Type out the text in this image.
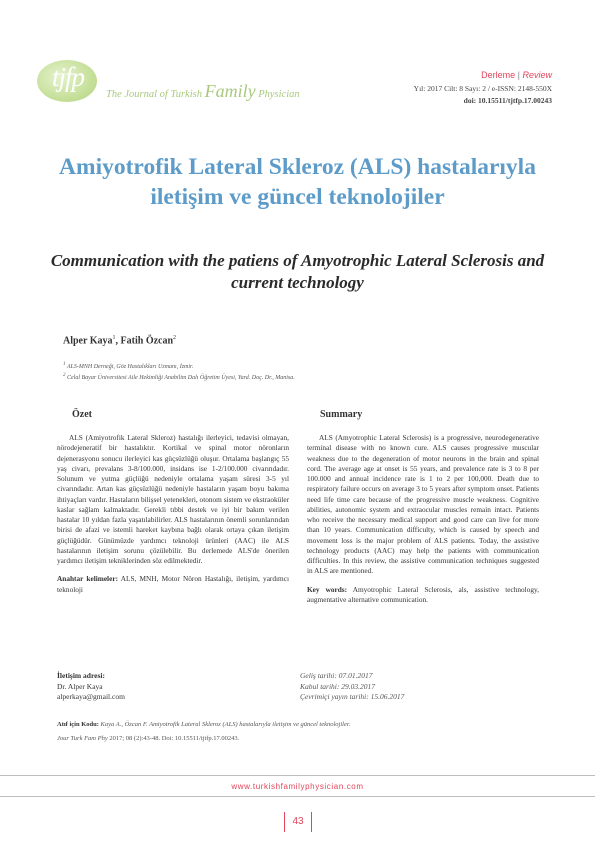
tjfp
The Journal of Turkish Family Physician
Derleme | Review
Yıl: 2017 Cilt: 8 Sayı: 2 / e-ISSN: 2148-550X
doi: 10.15511/tjtfp.17.00243
Amiyotrofik Lateral Skleroz (ALS) hastalarıyla iletişim ve güncel teknolojiler
Communication with the patiens of Amyotrophic Lateral Sclerosis and current technology
Alper Kaya$^1$, Fatih Özcan$^2$
$^1$ ALS-MNH Derneği, Göz Hastalıkları Uzmanı, İzmir.
$^2$ Celal Bayar Üniversitesi Aile Hekimliği Anabilim Dalı Öğretim Üyesi, Yard. Doç. Dr., Manisa.
Özet	Summary

ALS (Amiyotrofik Lateral Skleroz) hastalığı ilerleyici, tedavisi olmayan, nörodejeneratif bir hastalıktır. Kortikal ve spinal motor nöronların dejenerasyonu sonucu ilerleyici kas güçsüzlüğü oluşur. Ortalama başlangıç 55 yaş civarı, prevalans 3-8/100.000, insidans ise 1-2/100.000 civarındadır. Solunum ve yutma güçlüğü nedeniyle ortalama yaşam süresi 3-5 yıl civarındadır. Artan kas güçsüzlüğü nedeniyle hastaların yaşam boyu bakıma ihtiyaçları vardır. Hastaların bilişsel yetenekleri, otonom sistem ve ekstraoküler kaslar sağlam kalmaktadır. Gerekli tıbbi destek ve iyi bir bakım verilen hastalar 10 yıldan fazla yaşatılabilirler. ALS hastalarının önemli sorunlarından birisi de afazi ve istemli hareket kaybına bağlı olarak ortaya çıkan iletişim güçlüğüdür. Günümüzde yardımcı teknoloji ürünleri (AAC) ile ALS hastalarının iletişim sorunu çözülebilir. Bu derlemede ALS'de önerilen yardımcı iletişim tekniklerinden söz edilmektedir.

Anahtar kelimeler: ALS, MNH, Motor Nöron Hastalığı, iletişim, yardımcı teknoloji

ALS (Amyotrophic Lateral Sclerosis) is a progressive, neurodegenerative terminal disease with no known cure. ALS causes progressive muscular weakness due to the degeneration of motor neurons in the brain and spinal cord. The average age at onset is 55 years, and prevalence rate is 3 to 8 per 100.000 and annual incidence rate is 1 to 2 per 100,000. Death due to respiratory failure occurs on average 3 to 5 years after symptom onset. Patients need life time care because of the progressive muscle weakness. Cognitive abilities, autonomic system and extraocular muscles remain intact. Patients who receive the necessary medical support and good care can live for more than 10 years. Communication difficulty, which is caused by speech and movement loss is the major problem of ALS patients. Today, the assistive technology products (AAC) may help the patients with communication difficulties. In this review, the assistive communication techniques suggested in ALS are mentioned.

Key words: Amyotrophic Lateral Sclerosis, als, assistive technology, augmentative alternative communication.
İletişim adresi:
Dr. Alper Kaya
alperkaya@gmail.com
Geliş tarihi: 07.01.2017
Kabul tarihi: 29.03.2017
Çevrimiçi yayın tarihi: 15.06.2017
Atıf için Kodu: Kaya A., Özcan F. Amiyotrofik Lateral Skleroz (ALS) hastalarıyla iletişim ve güncel teknolojiler.
Jour Turk Fam Phy 2017; 08 (2):43-48. Doi: 10.15511/tjtfp.17.00243.
www.turkishfamilyphysician.com
43
